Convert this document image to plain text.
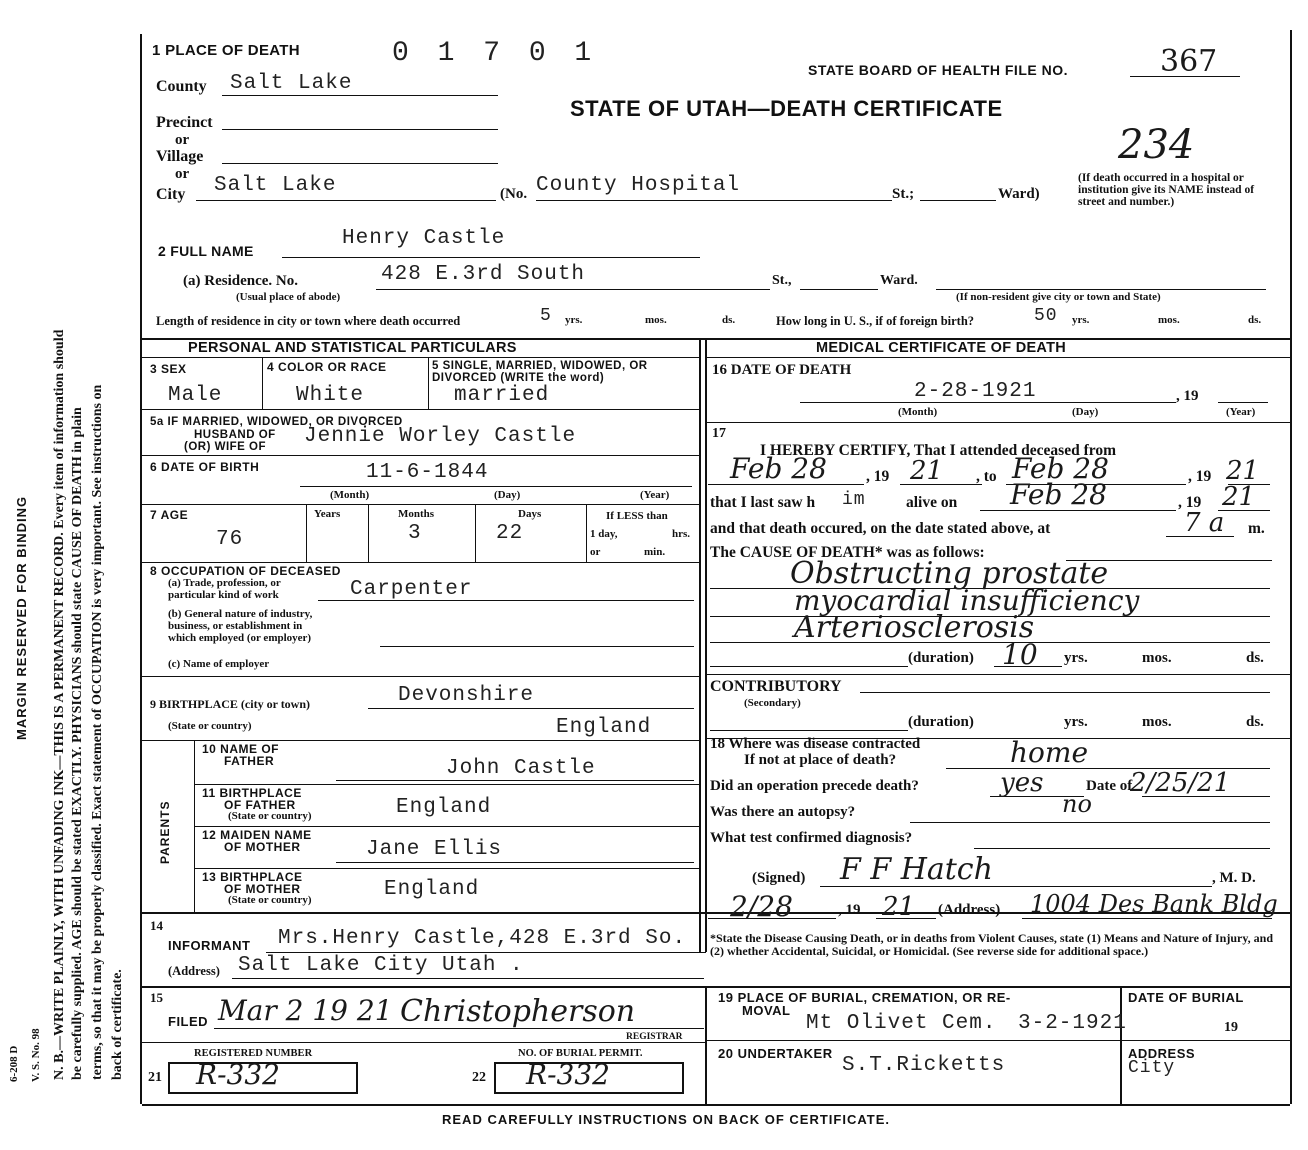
MARGIN RESERVED FOR BINDING N. B.—WRITE PLAINLY, WITH UNFADING INK—THIS IS A PERMANENT RECORD. Every item of information should be carefully supplied. AGE should be stated EXACTLY. PHYSICIANS should state CAUSE OF DEATH in plain terms, so that it may be properly classified. Exact statement of OCCUPATION is very important. See instructions on back of certificate.
V. S. No. 98
6-208 D
1 PLACE OF DEATH	0 1 7 0 1
STATE BOARD OF HEALTH FILE NO.	367
STATE OF UTAH—DEATH CERTIFICATE
234
County Salt Lake
Precinct
or
Village
or
City Salt Lake	(No. County Hospital	St.;	Ward)
(If death occurred in a hospital or institution give its NAME instead of street and number.)
2 FULL NAME
Henry Castle
(a) Residence. No.	428 E.3rd South	St.,	Ward.
(Usual place of abode)	(If non-resident give city or town and State)
Length of residence in city or town where death occurred	5 yrs.	mos.	ds.	How long in U. S., if of foreign birth?	50 yrs.	mos.	ds.
PERSONAL AND STATISTICAL PARTICULARS	MEDICAL CERTIFICATE OF DEATH
3 SEX
Male
4 COLOR OR RACE
White
5 SINGLE, MARRIED, WIDOWED, OR DIVORCED (WRITE the word)
married
5a IF MARRIED, WIDOWED, OR DIVORCED
HUSBAND OF
(OR) WIFE OF Jennie Worley Castle
6 DATE OF BIRTH	11-6-1844
(Month)	(Day)	(Year)
7 AGE	Years	Months	Days
76	3	22
If LESS than
1 day,	hrs.
or	min.
8 OCCUPATION OF DECEASED
(a) Trade, profession, or
particular kind of work	Carpenter
(b) General nature of industry,
business, or establishment in
which employed (or employer)
(c) Name of employer
9 BIRTHPLACE (city or town)	Devonshire
(State or country)	England
PARENTS
10 NAME OF
FATHER	John Castle
11 BIRTHPLACE
OF FATHER
(State or country)	England
12 MAIDEN NAME
OF MOTHER	Jane Ellis
13 BIRTHPLACE
OF MOTHER
(State or country)	England
16 DATE OF DEATH
2-28-1921	, 19
(Month)	(Day)	(Year)
17
I HEREBY CERTIFY, That I attended deceased from
Feb 28	, 19 21 , to Feb 28	, 19 21
that I last saw h im	alive on Feb 28	, 19 21
and that death occured, on the date stated above, at	7 a m.
The CAUSE OF DEATH* was as follows:
Obstructing prostate
myocardial insufficiency
Arteriosclerosis
(duration) 10 yrs.	mos.	ds.
CONTRIBUTORY
(Secondary)
(duration)	yrs.	mos.	ds.
18 Where was disease contracted
If not at place of death?	home
Did an operation precede death?	yes	Date of
2/25/21
Was there an autopsy?	no
What test confirmed diagnosis?
(Signed) F F Hatch	, M. D.
2/28	, 19 21 (Address) 1004 Des Bank Bldg
*State the Disease Causing Death, or in deaths from Violent Causes, state (1) Means and Nature of Injury, and (2) whether Accidental, Suicidal, or Homicidal. (See reverse side for additional space.)
14
INFORMANT Mrs.Henry Castle,428 E.3rd So.
(Address) Salt Lake City Utah .
15
FILED Mar 2 19 21 Christopherson
REGISTRAR
REGISTERED NUMBER	NO. OF BURIAL PERMIT.
21 R-332	22 R-332
19 PLACE OF BURIAL, CREMATION, OR RE-
MOVAL
Mt Olivet Cem.
DATE OF BURIAL
3-2-1921	19
20 UNDERTAKER
S.T.Ricketts
ADDRESS
City
READ CAREFULLY INSTRUCTIONS ON BACK OF CERTIFICATE.
